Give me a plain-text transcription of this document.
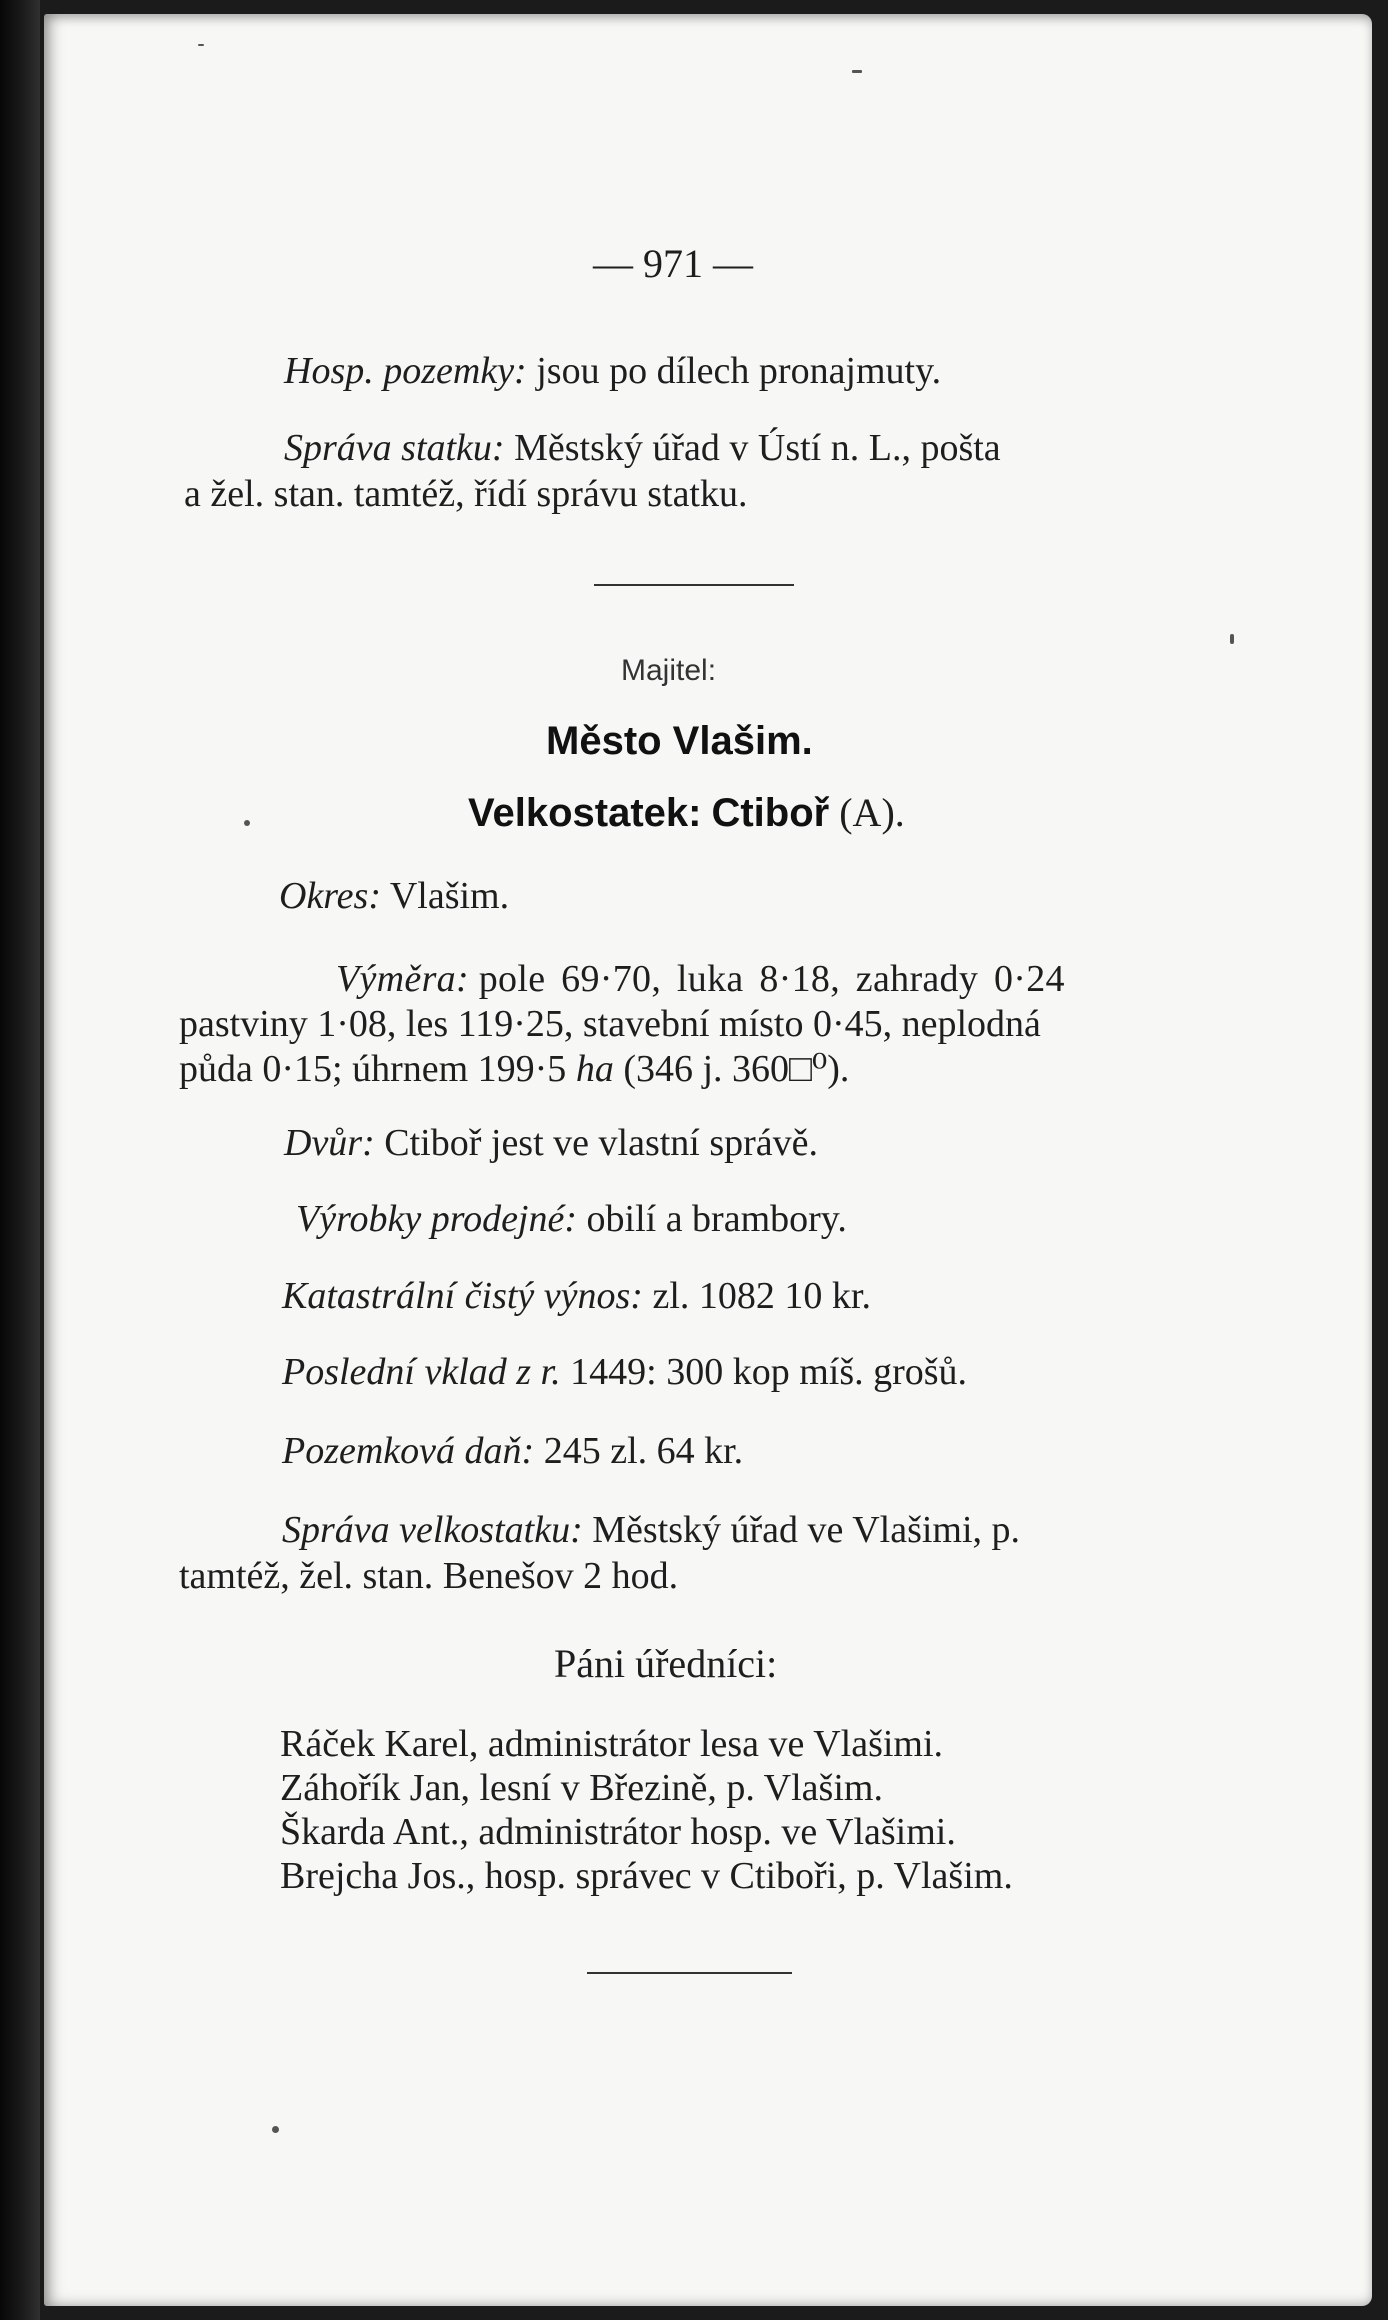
— 971 —
Hosp. pozemky: jsou po dílech pronajmuty.
Správa statku: Městský úřad v Ústí n. L., pošta
a žel. stan. tamtéž, řídí správu statku.
Majitel:
Město Vlašim.
Velkostatek: Ctiboř (A).
Okres: Vlašim.
Výměra: pole 69·70, luka 8·18, zahrady 0·24
pastviny 1·08, les 119·25, stavební místo 0·45, neplodná
půda 0·15; úhrnem 199·5 ha (346 j. 360□⁰).
Dvůr: Ctiboř jest ve vlastní správě.
Výrobky prodejné: obilí a brambory.
Katastrální čistý výnos: zl. 1082 10 kr.
Poslední vklad z r. 1449: 300 kop míš. grošů.
Pozemková daň: 245 zl. 64 kr.
Správa velkostatku: Městský úřad ve Vlašimi, p.
tamtéž, žel. stan. Benešov 2 hod.
Páni úředníci:
Ráček Karel, administrátor lesa ve Vlašimi.
Záhořík Jan, lesní v Březině, p. Vlašim.
Škarda Ant., administrátor hosp. ve Vlašimi.
Brejcha Jos., hosp. správec v Ctiboři, p. Vlašim.
